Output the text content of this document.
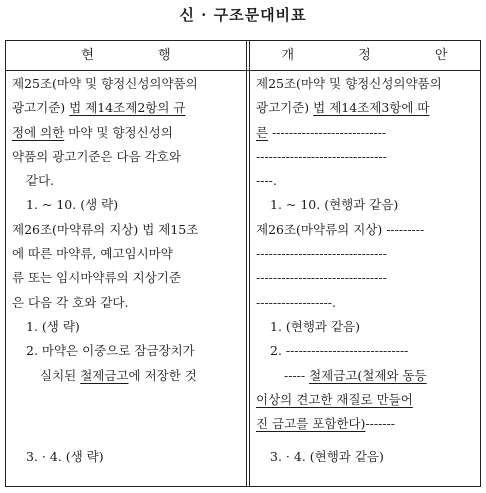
신 · 구조문대비표
현 행	개 정 안
제25조(마약 및 향정신성의약품의
광고기준) 법 제14조제2항의 규
정에 의한 마약 및 향정신성의
약품의 광고기준은 다음 각호와
같다.
1. ~ 10. (생 략)
제26조(마약류의 지상) 법 제15조
에 따른 마약류, 예고임시마약
류 또는 임시마약류의 지상기준
은 다음 각 호와 같다.
1. (생 략)
2. 마약은 이중으로 잠금장치가
실치된 철제금고에 저장한 것
3. · 4. (생 략)
제25조(마약 및 향정신성의약품의
광고기준) 법 제14조제3항에 따
른 ---------------------------
-------------------------------
----.
1. ~ 10. (현행과 같음)
제26조(마약류의 지상) ---------
-------------------------------
-------------------------------
------------------.
1. (현행과 같음)
2. -----------------------------
----- 철제금고(철제와 동등
이상의 견고한 재질로 만들어
진 금고를 포함한다)-------
3. · 4. (현행과 같음)
